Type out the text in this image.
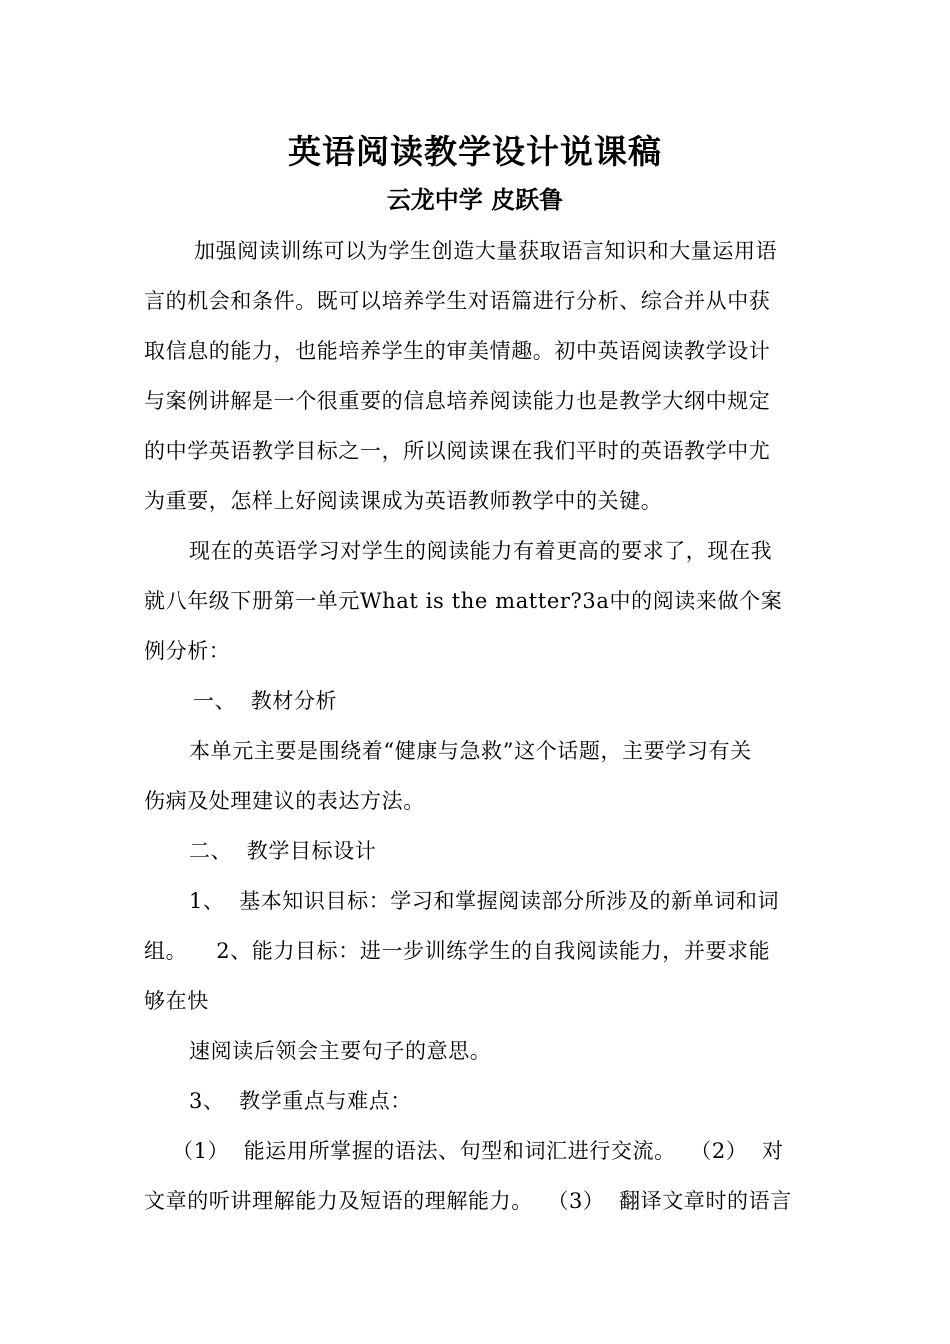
英语阅读教学设计说课稿
云龙中学 皮跃鲁
加强阅读训练可以为学生创造大量获取语言知识和大量运用语
言的机会和条件。既可以培养学生对语篇进行分析、综合并从中获
取信息的能力，也能培养学生的审美情趣。初中英语阅读教学设计
与案例讲解是一个很重要的信息培养阅读能力也是教学大纲中规定
的中学英语教学目标之一，所以阅读课在我们平时的英语教学中尤
为重要，怎样上好阅读课成为英语教师教学中的关键。
现在的英语学习对学生的阅读能力有着更高的要求了，现在我
就八年级下册第一单元What is the matter?3a中的阅读来做个案
例分析：
一、  教材分析
本单元主要是围绕着“健康与急救”这个话题，主要学习有关
伤病及处理建议的表达方法。
二、  教学目标设计
1、  基本知识目标：学习和掌握阅读部分所涉及的新单词和词
组。    2、能力目标：进一步训练学生的自我阅读能力，并要求能
够在快
速阅读后领会主要句子的意思。
3、  教学重点与难点：
（1）  能运用所掌握的语法、句型和词汇进行交流。  （2）  对
文章的听讲理解能力及短语的理解能力。  （3）  翻译文章时的语言
